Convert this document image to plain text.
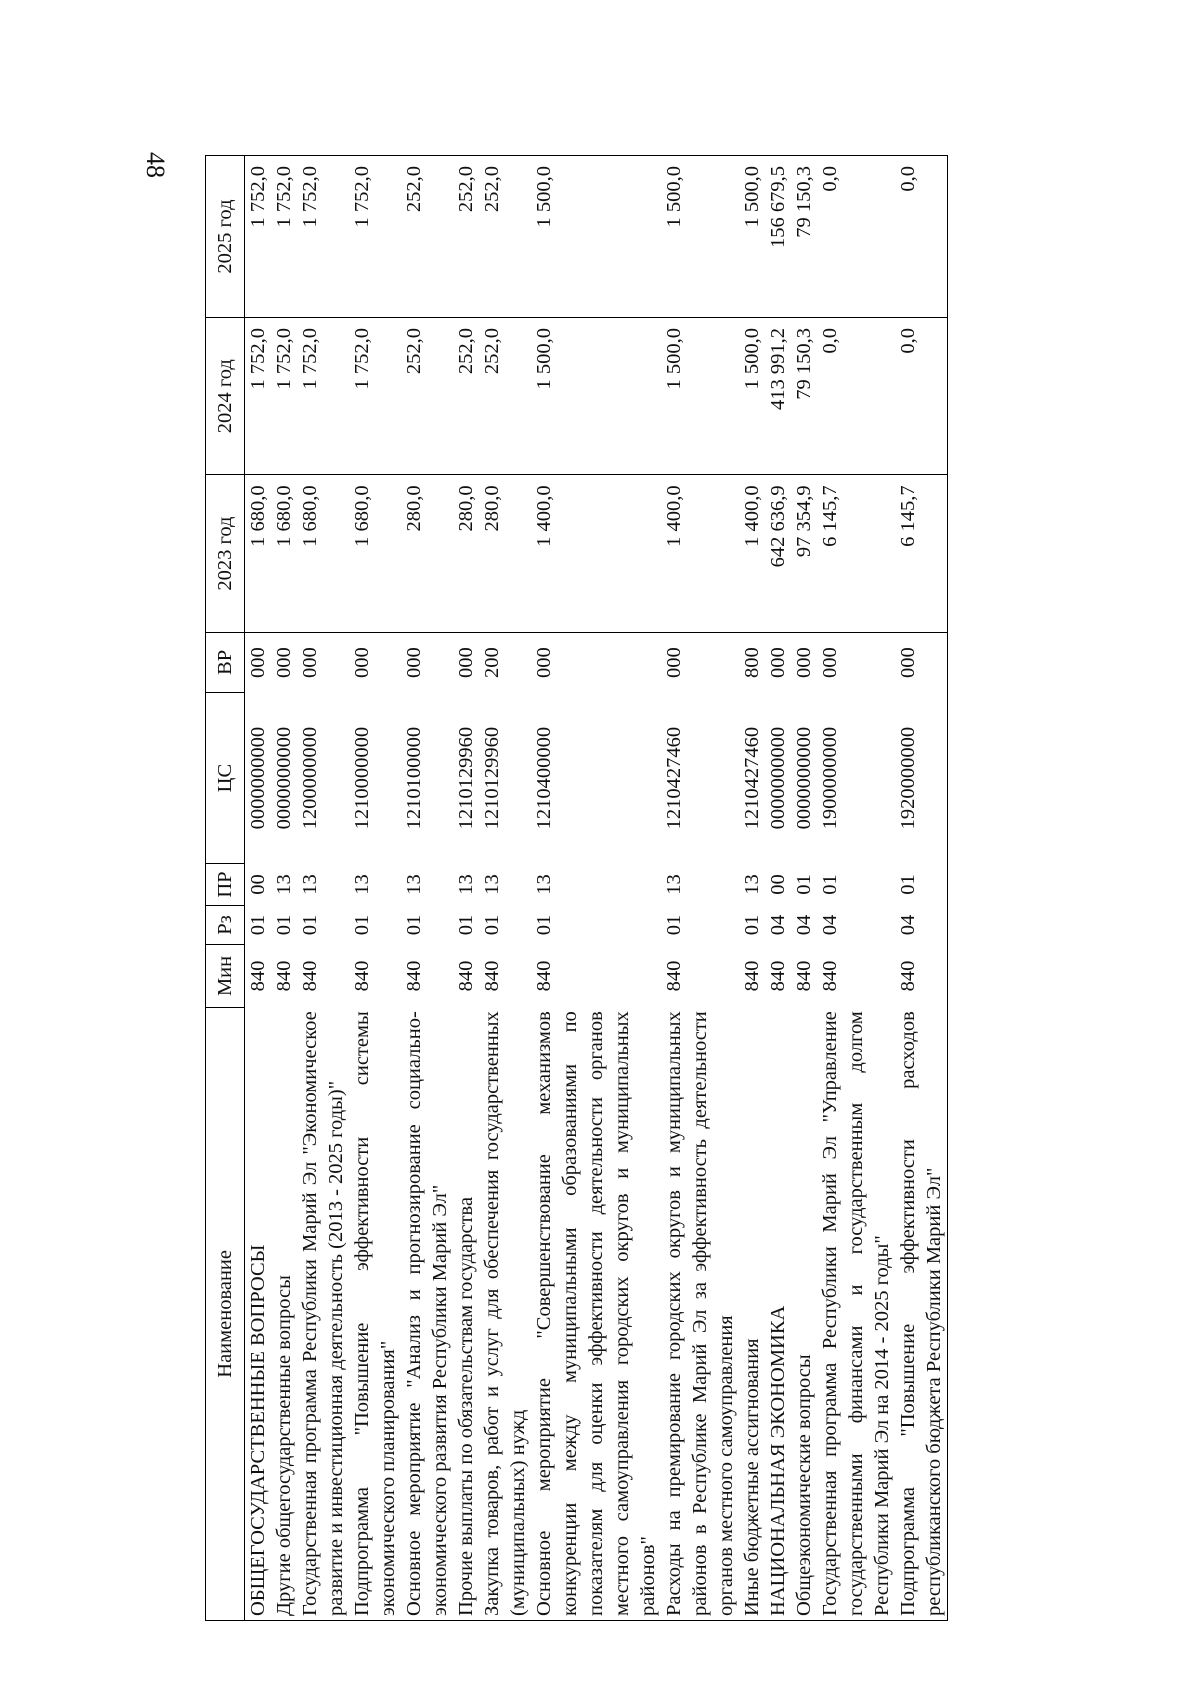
48
Наименование	Мин	Рз	ПР	ЦС	ВР	2023 год	2024 год	2025 год
ОБЩЕГОСУДАРСТВЕННЫЕ ВОПРОСЫ	840	01	00	0000000000	000	1 680,0	1 752,0	1 752,0
Другие общегосударственные вопросы	840	01	13	0000000000	000	1 680,0	1 752,0	1 752,0
Государственная программа Республики Марий Эл "Экономическое развитие и инвестиционная деятельность (2013 - 2025 годы)"	840	01	13	1200000000	000	1 680,0	1 752,0	1 752,0
Подпрограмма "Повышение эффективности системы экономического планирования"	840	01	13	1210000000	000	1 680,0	1 752,0	1 752,0
Основное мероприятие "Анализ и прогнозирование социально-экономического развития Республики Марий Эл"	840	01	13	1210100000	000	280,0	252,0	252,0
Прочие выплаты по обязательствам государства	840	01	13	1210129960	000	280,0	252,0	252,0
Закупка товаров, работ и услуг для обеспечения государственных (муниципальных) нужд	840	01	13	1210129960	200	280,0	252,0	252,0
Основное мероприятие "Совершенствование механизмов конкуренции между муниципальными образованиями по показателям для оценки эффективности деятельности органов местного самоуправления городских округов и муниципальных районов"	840	01	13	1210400000	000	1 400,0	1 500,0	1 500,0
Расходы на премирование городских округов и муниципальных районов в Республике Марий Эл за эффективность деятельности органов местного самоуправления	840	01	13	1210427460	000	1 400,0	1 500,0	1 500,0
Иные бюджетные ассигнования	840	01	13	1210427460	800	1 400,0	1 500,0	1 500,0
НАЦИОНАЛЬНАЯ ЭКОНОМИКА	840	04	00	0000000000	000	642 636,9	413 991,2	156 679,5
Общеэкономические вопросы	840	04	01	0000000000	000	97 354,9	79 150,3	79 150,3
Государственная программа Республики Марий Эл "Управление государственными финансами и государственным долгом Республики Марий Эл на 2014 - 2025 годы"	840	04	01	1900000000	000	6 145,7	0,0	0,0
Подпрограмма "Повышение эффективности расходов республиканского бюджета Республики Марий Эл"	840	04	01	1920000000	000	6 145,7	0,0	0,0
